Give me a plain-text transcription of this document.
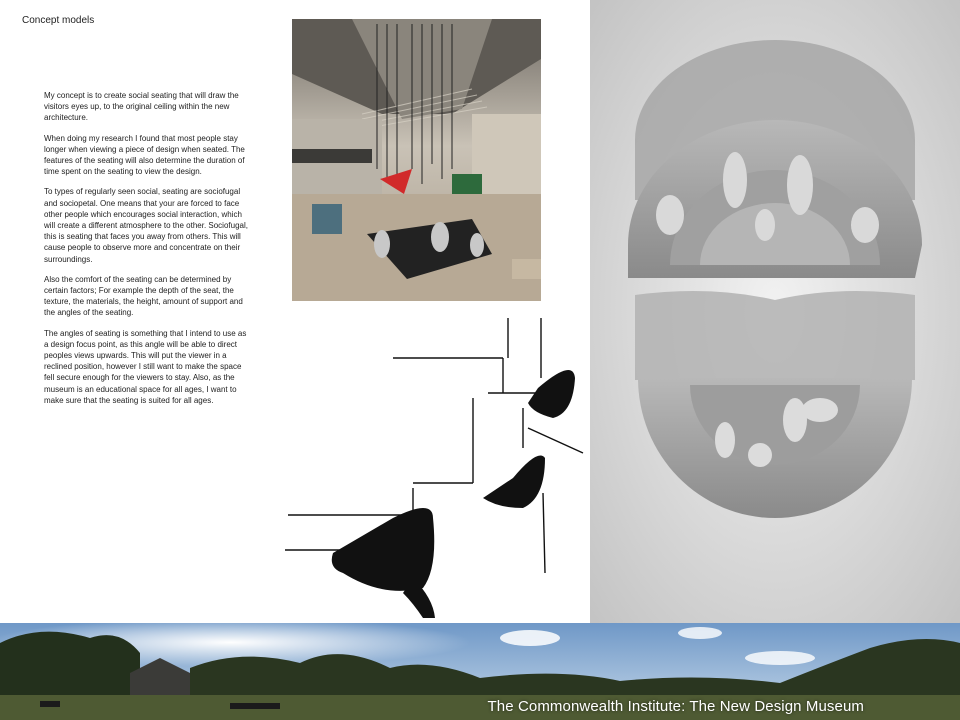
Concept models

My concept is to create social seating that will draw the visitors eyes up, to the original ceiling within the new architecture.

When doing my research I found that most people stay longer when viewing a piece of design when seated. The features of the seating will also determine the duration of time spent on the seating to view the design.

To types of regularly seen social, seating are sociofugal and sociopetal. One means that your are forced to face other people which encourages social interaction, which will create a different atmosphere to the other. Sociofugal, this is seating that faces you away from others. This will cause people to observe more and concentrate on their surroundings.

Also the comfort of the seating can be determined by certain factors; For example the depth of the seat, the texture, the materials, the height, amount of support and the angles of the seating.

The angles of seating is something that I intend to use as a design focus point, as this angle will be able to direct peoples views upwards. This will put the viewer in a reclined position, however I still want to make the space fell secure enough for the viewers to stay. Also, as the museum is an educational space for all ages, I want to make sure that the seating is suited for all ages.

The Commonwealth Institute: The New Design Museum
